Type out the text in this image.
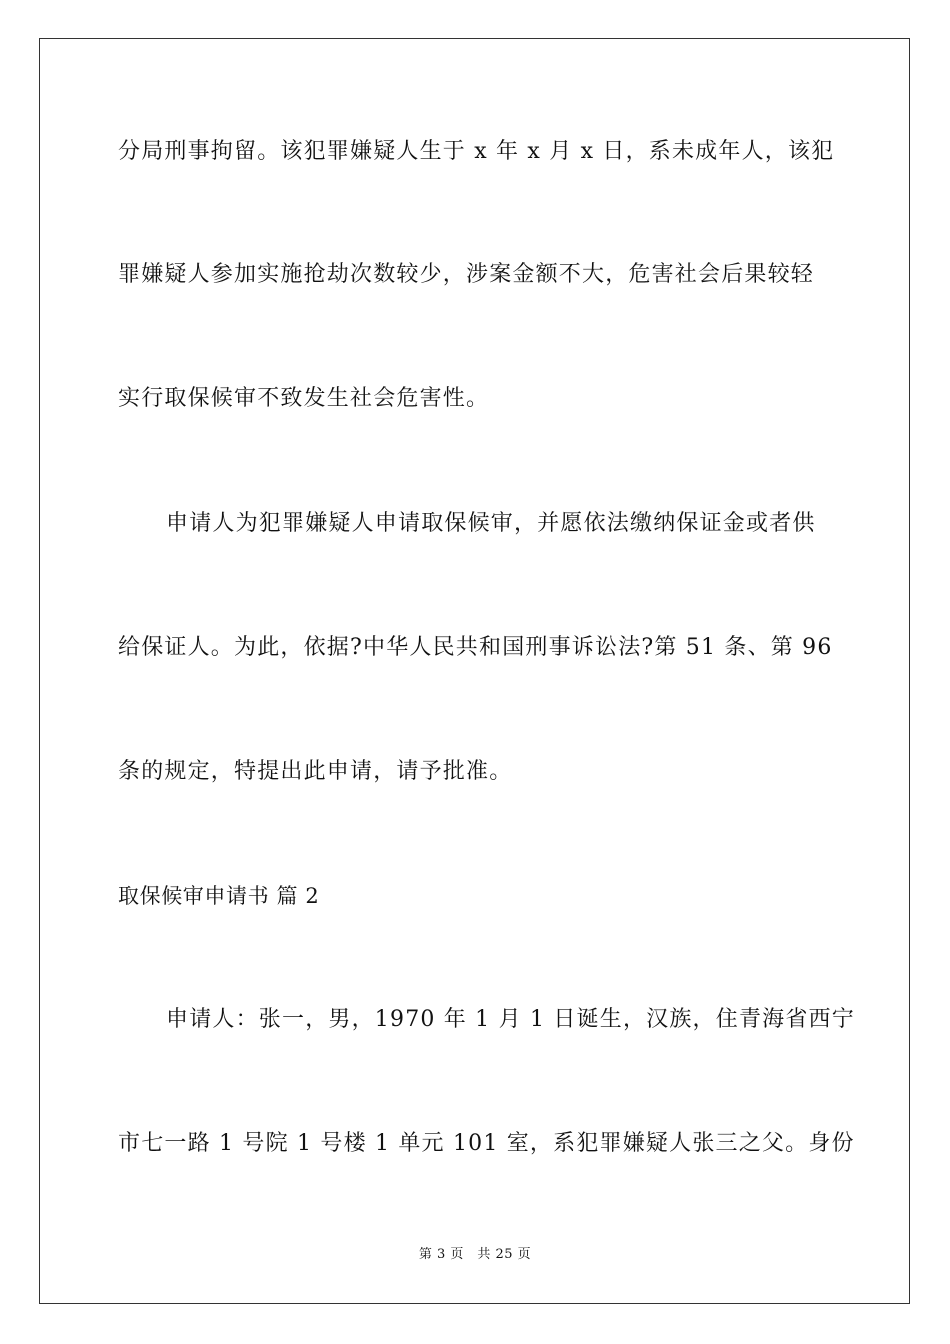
分局刑事拘留。该犯罪嫌疑人生于 x 年 x 月 x 日，系未成年人，该犯
罪嫌疑人参加实施抢劫次数较少，涉案金额不大，危害社会后果较轻
实行取保候审不致发生社会危害性。
申请人为犯罪嫌疑人申请取保候审，并愿依法缴纳保证金或者供
给保证人。为此，依据?中华人民共和国刑事诉讼法?第 51 条、第 96
条的规定，特提出此申请，请予批准。
取保候审申请书 篇 2
申请人：张一，男，1970 年 1 月 1 日诞生，汉族，住青海省西宁
市七一路 1 号院 1 号楼 1 单元 101 室，系犯罪嫌疑人张三之父。身份
第 3 页　共 25 页
